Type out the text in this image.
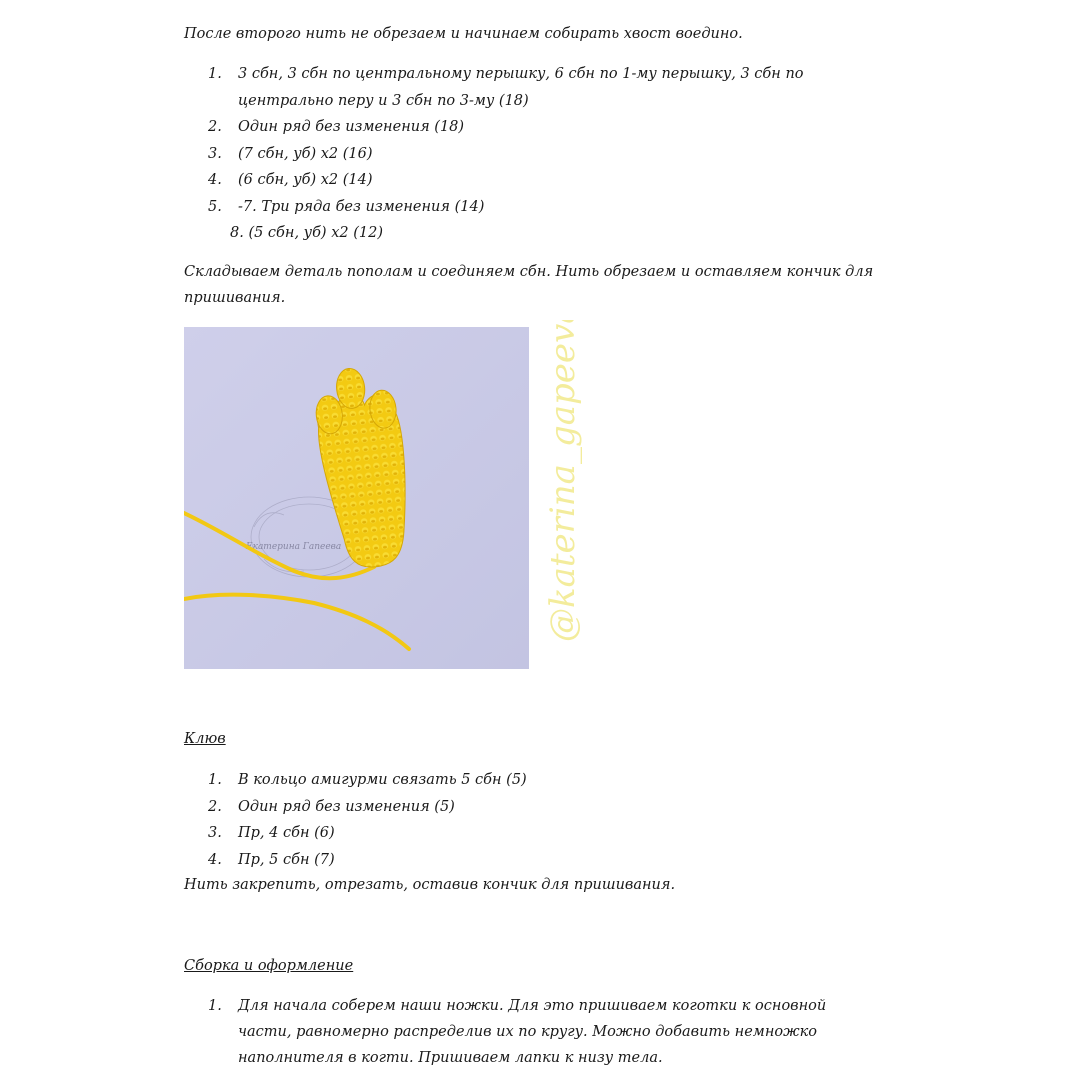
После второго нить не обрезаем и начинаем собирать хвост воедино.

1. 3 сбн, 3 сбн по центральному перышку, 6 сбн по 1-му перышку, 3 сбн по центрально перу и 3 сбн по 3-му (18)
2. Один ряд без изменения (18)
3. (7 сбн, уб) х2 (16)
4. (6 сбн, уб) х2 (14)
5. -7. Три ряда без изменения (14)
8. (5 сбн, уб) х2 (12)

Складываем деталь пополам и соединяем сбн. Нить обрезаем и оставляем кончик для пришивания.

Екатерина Гапеева	@katerina_gapeeva
Клюв
1. В кольцо амигурми связать 5 сбн (5)
2. Один ряд без изменения (5)
3. Пр, 4 сбн (6)
4. Пр, 5 сбн (7)

Нить закрепить, отрезать, оставив кончик для пришивания.

Сборка и оформление
1. Для начала соберем наши ножки. Для это пришиваем коготки к основной части, равномерно распределив их по кругу. Можно добавить немножко наполнителя в когти. Пришиваем лапки к низу тела.
